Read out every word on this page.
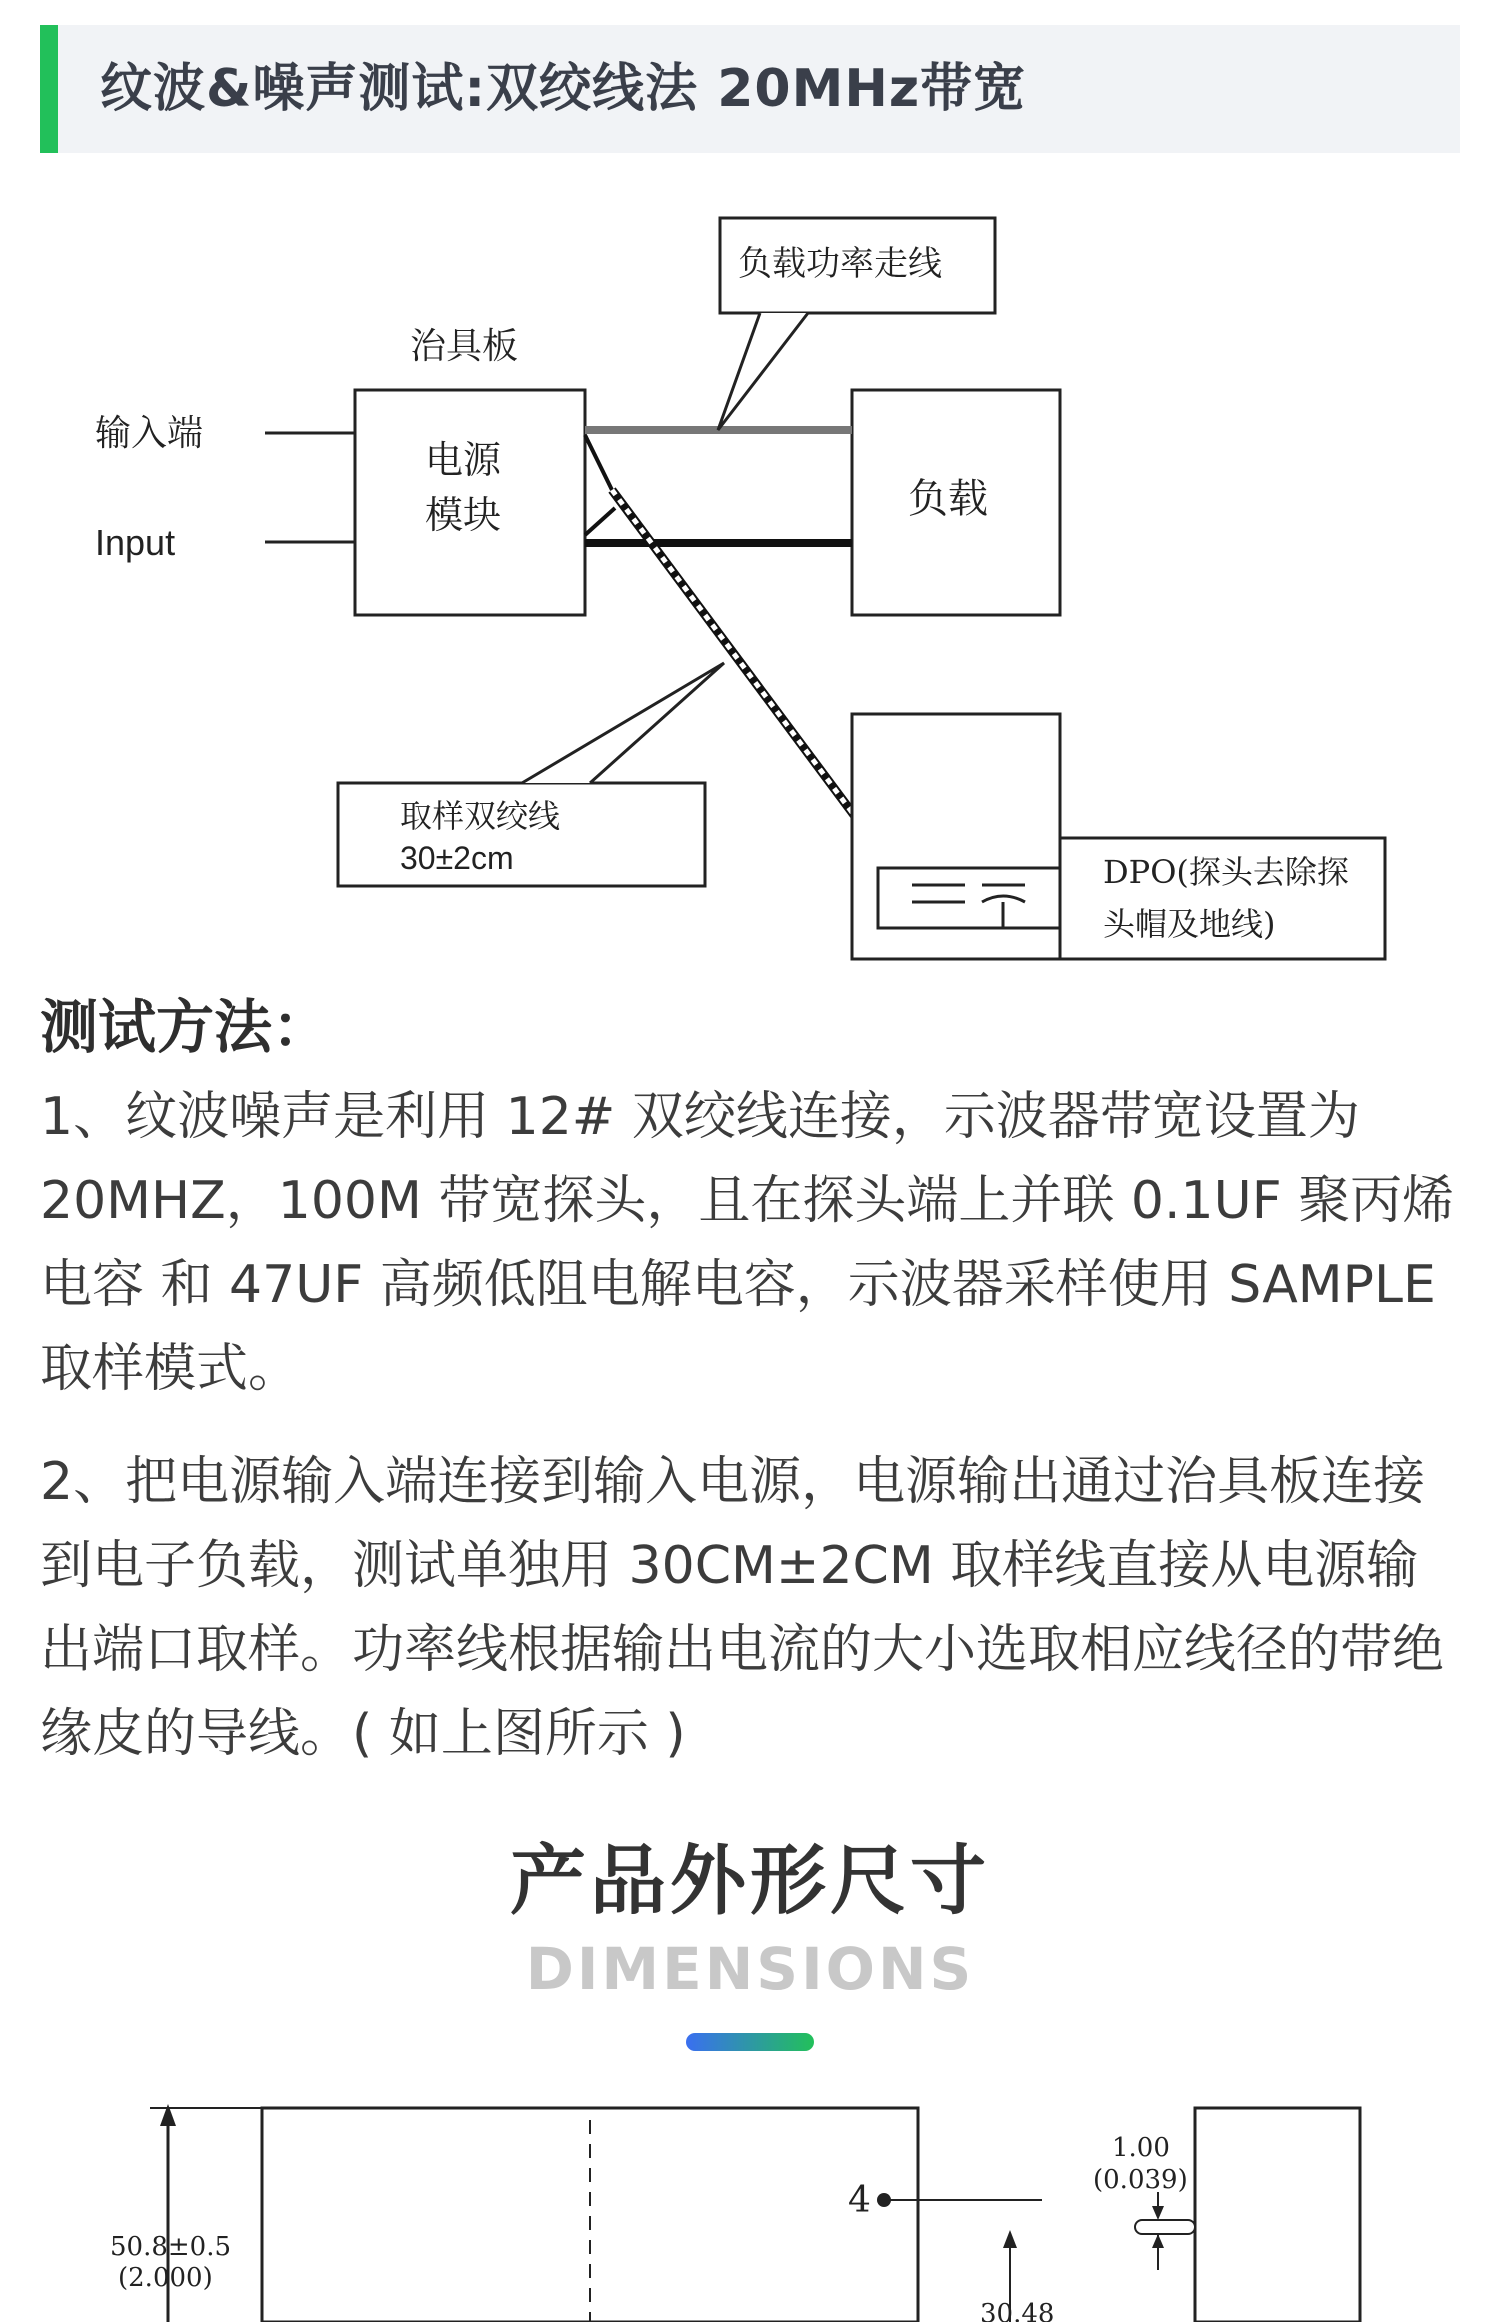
纹波&噪声测试:双绞线法 20MHz带宽
输入端
Input
治具板
电源
模块	负载
负载功率走线
DPO(探头去除探
头帽及地线)
取样双绞线
30±2cm
测试方法：

1、纹波噪声是利用 12# 双绞线连接，示波器带宽设置为 20MHZ，100M 带宽探头，且在探头端上并联 0.1UF 聚丙烯电容 和 47UF 高频低阻电解电容，示波器采样使用 SAMPLE 取样模式。

2、把电源输入端连接到输入电源，电源输出通过治具板连接到电子负载，测试单独用 30CM±2CM 取样线直接从电源输出端口取样。功率线根据输出电流的大小选取相应线径的带绝缘皮的导线。( 如上图所示 )

产品外形尺寸
DIMENSIONS
50.8±0.5
(2.000)
4
30.48
1.00
(0.039)
